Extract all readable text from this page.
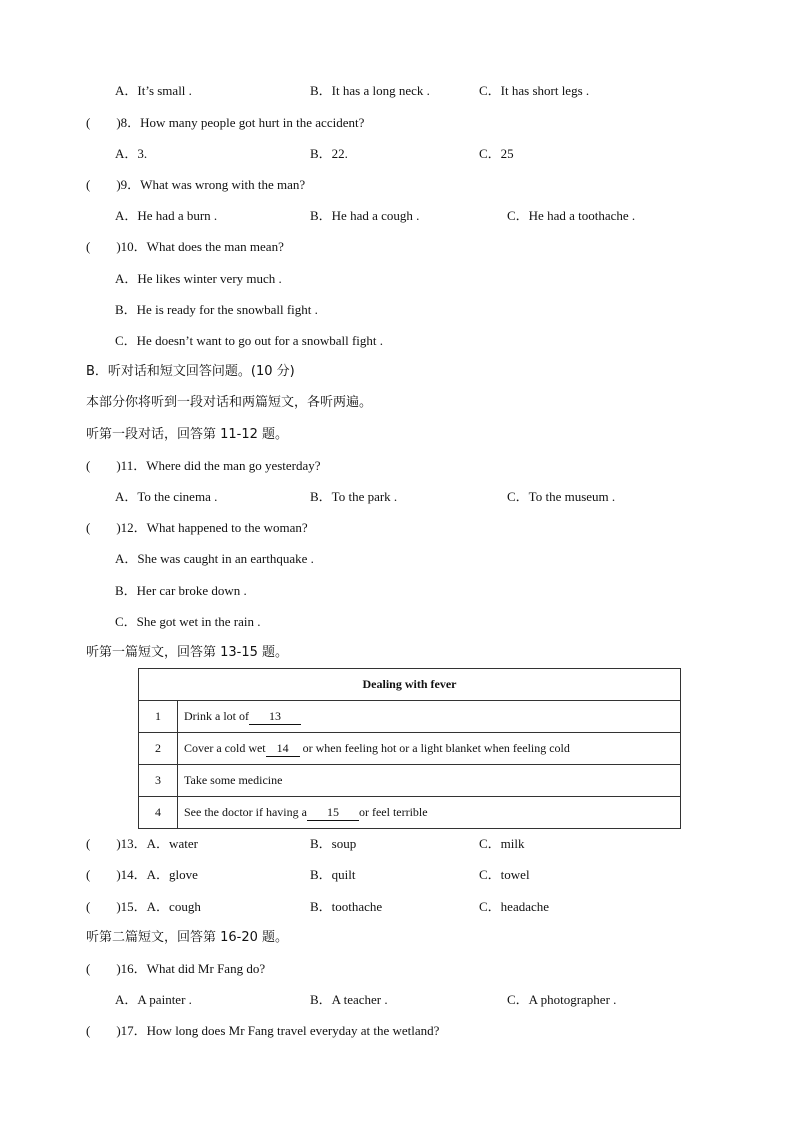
A．It’s small .	B．It has a long neck .	C．It has short legs .
(　　)8．How many people got hurt in the accident?
A．3.	B．22.	C．25
(　　)9．What was wrong with the man?
A．He had a burn .	B．He had a cough .	C．He had a toothache .
(　　)10．What does the man mean?
A．He likes winter very much .
B．He is ready for the snowball fight .
C．He doesn’t want to go out for a snowball fight .
B．听对话和短文回答问题。(10 分)
本部分你将听到一段对话和两篇短文，各听两遍。
听第一段对话，回答第 11-12 题。
(　　)11．Where did the man go yesterday?
A．To the cinema .	B．To the park .	C．To the museum .
(　　)12．What happened to the woman?
A．She was caught in an earthquake .
B．Her car broke down .
C．She got wet in the rain .
听第一篇短文，回答第 13-15 题。
Dealing with fever	
1	Drink a lot of 13
2	Cover a cold wet 14 or when feeling hot or a light blanket when feeling cold
3	Take some medicine
4	See the doctor if having a 15 or feel terrible
(　　)13．A．water	B．soup	C．milk
(　　)14．A．glove	B．quilt	C．towel
(　　)15．A．cough	B．toothache	C．headache
听第二篇短文，回答第 16-20 题。
(　　)16．What did Mr Fang do?
A．A painter .	B．A teacher .	C．A photographer .
(　　)17．How long does Mr Fang travel everyday at the wetland?
